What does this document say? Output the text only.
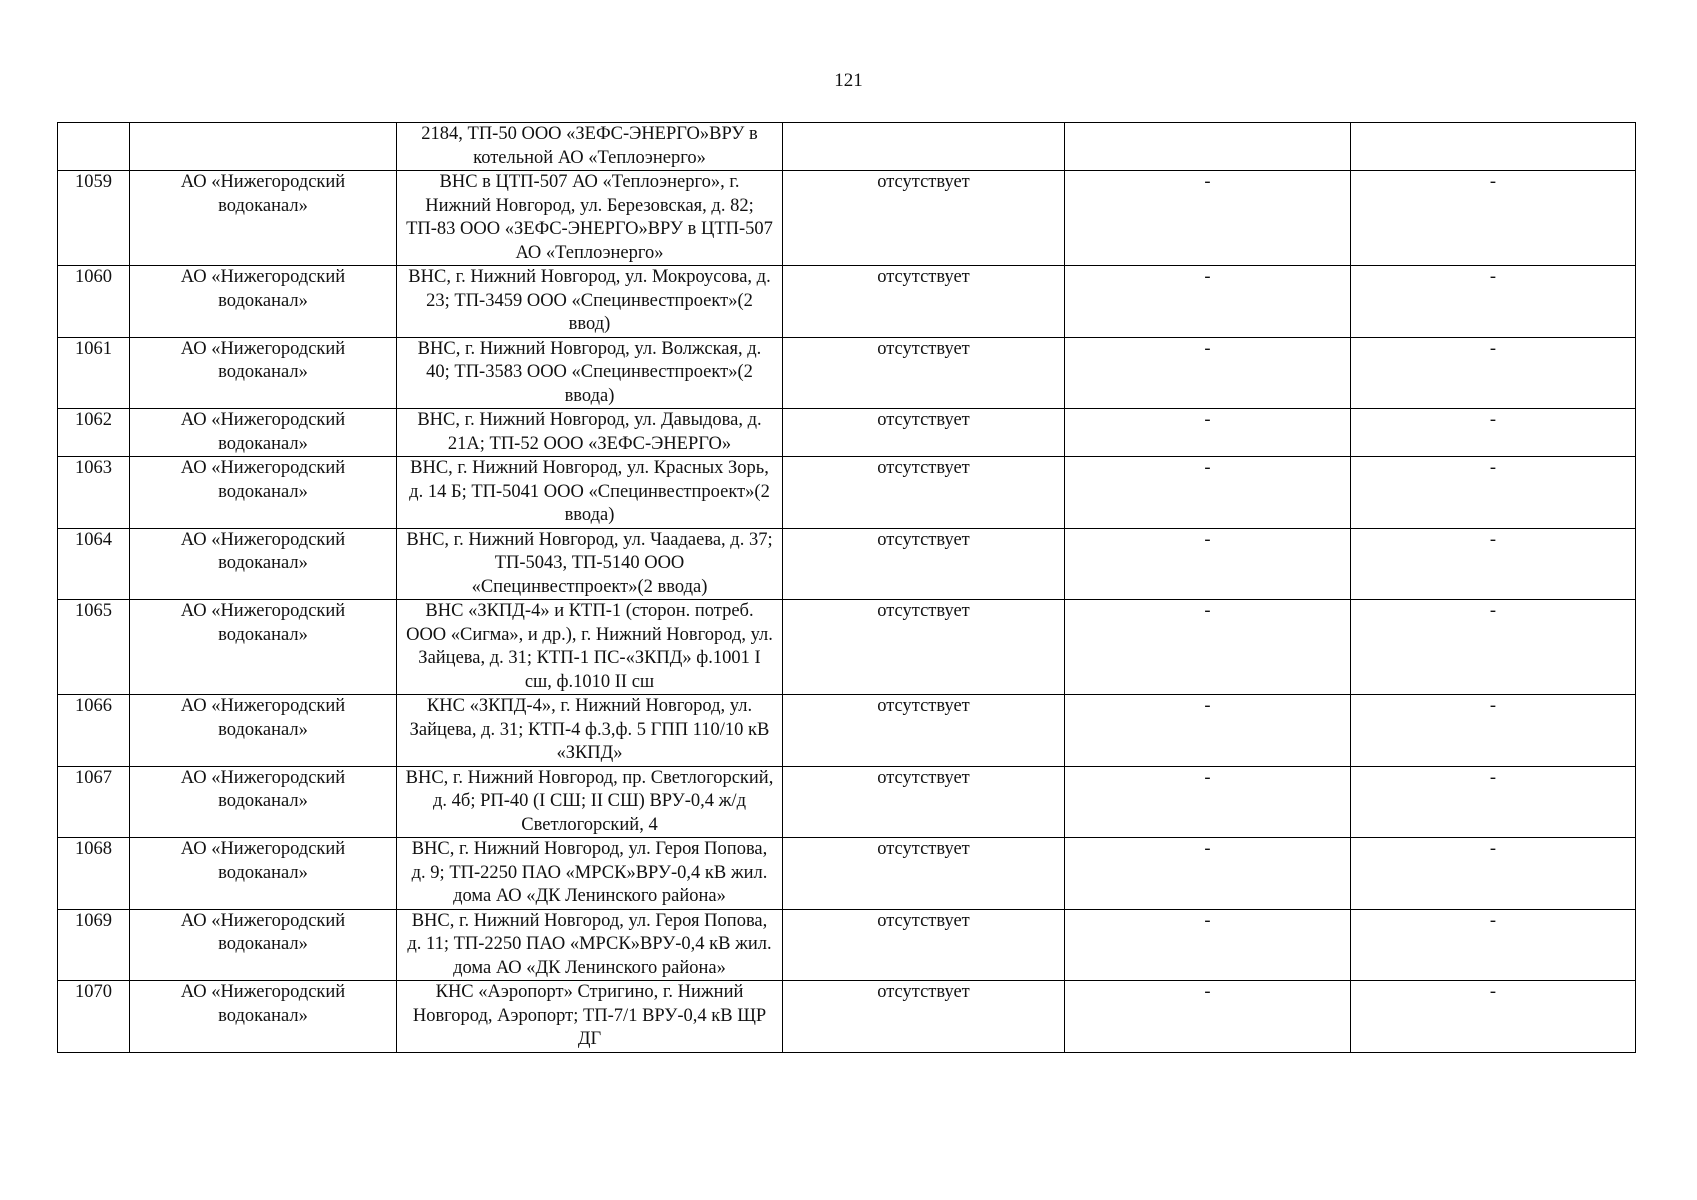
121
		2184, ТП-50 ООО «ЗЕФС-ЭНЕРГО»ВРУ в котельной АО «Теплоэнерго»			
1059	АО «Нижегородский водоканал»	ВНС в ЦТП-507 АО «Теплоэнерго», г. Нижний Новгород, ул. Березовская, д. 82; ТП-83 ООО «ЗЕФС-ЭНЕРГО»ВРУ в ЦТП-507 АО «Теплоэнерго»	отсутствует	-	-
1060	АО «Нижегородский водоканал»	ВНС, г. Нижний Новгород, ул. Мокроусова, д. 23; ТП-3459 ООО «Специнвестпроект»(2 ввод)	отсутствует	-	-
1061	АО «Нижегородский водоканал»	ВНС, г. Нижний Новгород, ул. Волжская, д. 40; ТП-3583 ООО «Специнвестпроект»(2 ввода)	отсутствует	-	-
1062	АО «Нижегородский водоканал»	ВНС, г. Нижний Новгород, ул. Давыдова, д. 21А; ТП-52 ООО «ЗЕФС-ЭНЕРГО»	отсутствует	-	-
1063	АО «Нижегородский водоканал»	ВНС, г. Нижний Новгород, ул. Красных Зорь, д. 14 Б; ТП-5041 ООО «Специнвестпроект»(2 ввода)	отсутствует	-	-
1064	АО «Нижегородский водоканал»	ВНС, г. Нижний Новгород, ул. Чаадаева, д. 37; ТП-5043, ТП-5140 ООО «Специнвестпроект»(2 ввода)	отсутствует	-	-
1065	АО «Нижегородский водоканал»	ВНС «ЗКПД-4» и КТП-1 (сторон. потреб. ООО «Сигма», и др.), г. Нижний Новгород, ул. Зайцева, д. 31; КТП-1 ПС-«ЗКПД» ф.1001 I сш, ф.1010 II сш	отсутствует	-	-
1066	АО «Нижегородский водоканал»	КНС «ЗКПД-4», г. Нижний Новгород, ул. Зайцева, д. 31; КТП-4 ф.3,ф. 5 ГПП 110/10 кВ «ЗКПД»	отсутствует	-	-
1067	АО «Нижегородский водоканал»	ВНС, г. Нижний Новгород, пр. Светлогорский, д. 4б; РП-40 (I СШ; II СШ) ВРУ-0,4 ж/д Светлогорский, 4	отсутствует	-	-
1068	АО «Нижегородский водоканал»	ВНС, г. Нижний Новгород, ул. Героя Попова, д. 9; ТП-2250 ПАО «МРСК»ВРУ-0,4 кВ жил. дома АО «ДК Ленинского района»	отсутствует	-	-
1069	АО «Нижегородский водоканал»	ВНС, г. Нижний Новгород, ул. Героя Попова, д. 11; ТП-2250 ПАО «МРСК»ВРУ-0,4 кВ жил. дома АО «ДК Ленинского района»	отсутствует	-	-
1070	АО «Нижегородский водоканал»	КНС «Аэропорт» Стригино, г. Нижний Новгород, Аэропорт; ТП-7/1 ВРУ-0,4 кВ ЩР ДГ	отсутствует	-	-
